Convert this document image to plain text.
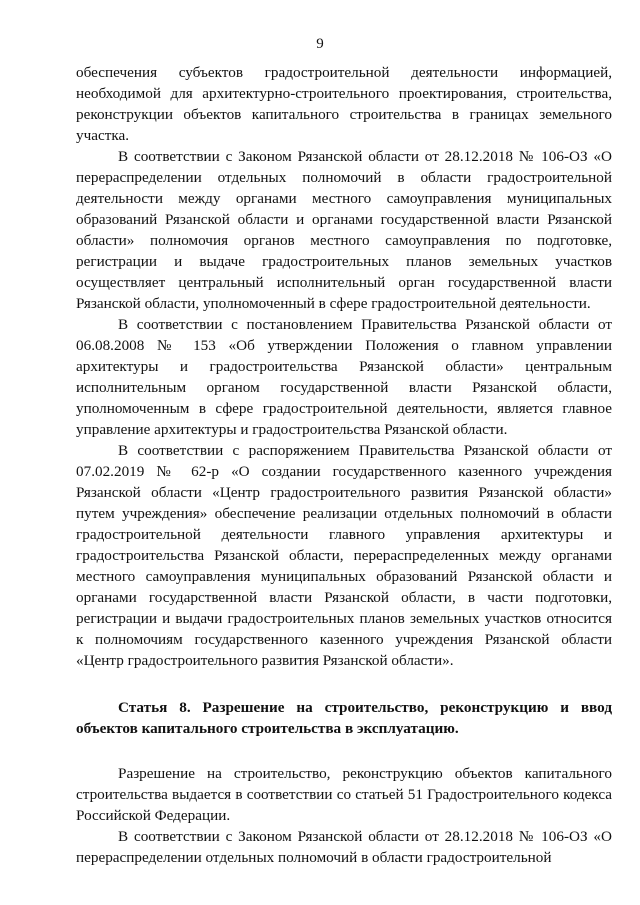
9

обеспечения субъектов градостроительной деятельности информацией, необходимой для архитектурно-строительного проектирования, строительства, реконструкции объектов капитального строительства в границах земельного участка.

В соответствии с Законом Рязанской области от 28.12.2018 № 106-ОЗ «О перераспределении отдельных полномочий в области градостроительной деятельности между органами местного самоуправления муниципальных образований Рязанской области и органами государственной власти Рязанской области» полномочия органов местного самоуправления по подготовке, регистрации и выдаче градостроительных планов земельных участков осуществляет центральный исполнительный орган государственной власти Рязанской области, уполномоченный в сфере градостроительной деятельности.

В соответствии с постановлением Правительства Рязанской области от 06.08.2008 № 153 «Об утверждении Положения о главном управлении архитектуры и градостроительства Рязанской области» центральным исполнительным органом государственной власти Рязанской области, уполномоченным в сфере градостроительной деятельности, является главное управление архитектуры и градостроительства Рязанской области.

В соответствии с распоряжением Правительства Рязанской области от 07.02.2019 № 62-р «О создании государственного казенного учреждения Рязанской области «Центр градостроительного развития Рязанской области» путем учреждения» обеспечение реализации отдельных полномочий в области градостроительной деятельности главного управления архитектуры и градостроительства Рязанской области, перераспределенных между органами местного самоуправления муниципальных образований Рязанской области и органами государственной власти Рязанской области, в части подготовки, регистрации и выдачи градостроительных планов земельных участков относится к полномочиям государственного казенного учреждения Рязанской области «Центр градостроительного развития Рязанской области».

Статья 8. Разрешение на строительство, реконструкцию и ввод объектов капитального строительства в эксплуатацию.

Разрешение на строительство, реконструкцию объектов капитального строительства выдается в соответствии со статьей 51 Градостроительного кодекса Российской Федерации.

В соответствии с Законом Рязанской области от 28.12.2018 № 106-ОЗ «О перераспределении отдельных полномочий в области градостроительной
